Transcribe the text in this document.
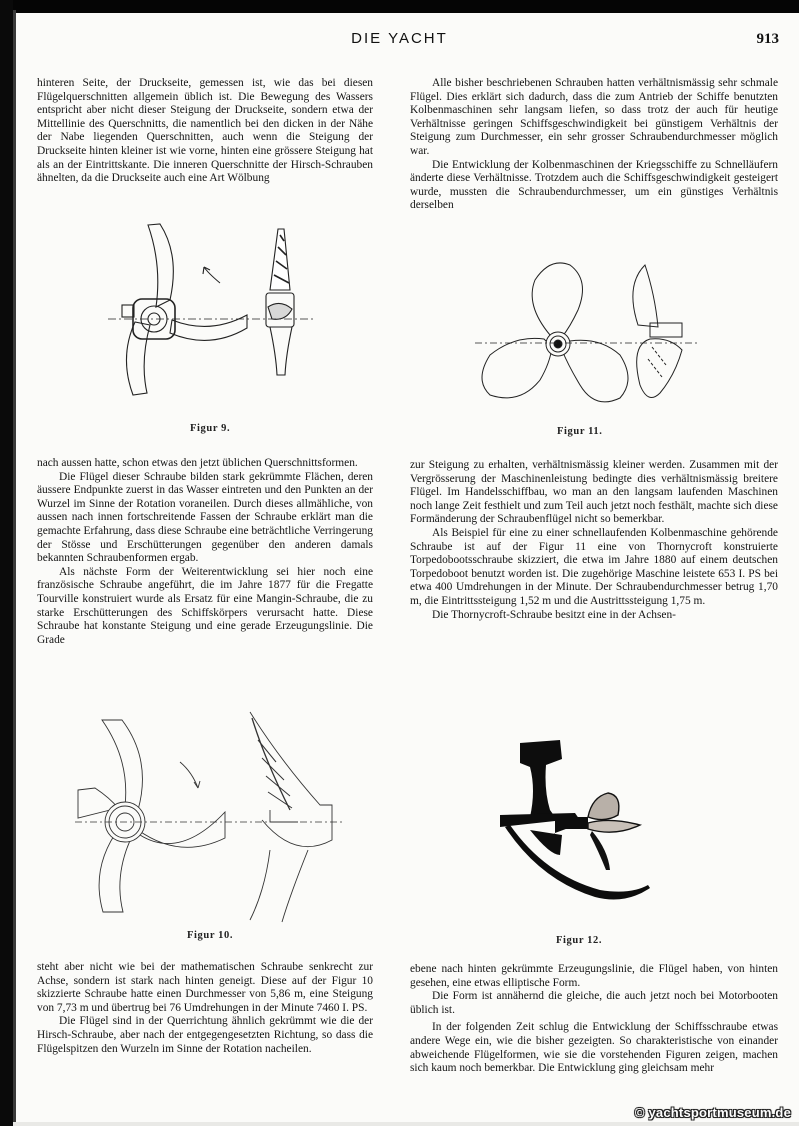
DIE YACHT	913

hinteren Seite, der Druckseite, gemessen ist, wie das bei diesen Flügelquerschnitten allgemein üblich ist. Die Bewegung des Wassers entspricht aber nicht dieser Steigung der Druckseite, sondern etwa der Mittellinie des Querschnitts, die namentlich bei den dicken in der Nähe der Nabe liegenden Querschnitten, auch wenn die Steigung der Druckseite hinten kleiner ist wie vorne, hinten eine grössere Steigung hat als an der Eintrittskante. Die inneren Querschnitte der Hirsch-Schrauben ähnelten, da die Druckseite auch eine Art Wölbung

Alle bisher beschriebenen Schrauben hatten verhältnismässig sehr schmale Flügel. Dies erklärt sich dadurch, dass die zum Antrieb der Schiffe benutzten Kolbenmaschinen sehr langsam liefen, so dass trotz der auch für heutige Verhältnisse geringen Schiffsgeschwindigkeit bei günstigem Verhältnis der Steigung zum Durchmesser, ein sehr grosser Schraubendurchmesser möglich war.

Die Entwicklung der Kolbenmaschinen der Kriegsschiffe zu Schnelläufern änderte diese Verhältnisse. Trotzdem auch die Schiffsgeschwindigkeit gesteigert wurde, mussten die Schraubendurchmesser, um ein günstiges Verhältnis derselben

Figur 9.	Figur 11.

nach aussen hatte, schon etwas den jetzt üblichen Querschnittsformen.

Die Flügel dieser Schraube bilden stark gekrümmte Flächen, deren äussere Endpunkte zuerst in das Wasser eintreten und den Punkten an der Wurzel im Sinne der Rotation voraneilen. Durch dieses allmähliche, von aussen nach innen fortschreitende Fassen der Schraube erklärt man die gemachte Erfahrung, dass diese Schraube eine beträchtliche Verringerung der Stösse und Erschütterungen gegenüber den anderen damals bekannten Schraubenformen ergab.

Als nächste Form der Weiterentwicklung sei hier noch eine französische Schraube angeführt, die im Jahre 1877 für die Fregatte Tourville konstruiert wurde als Ersatz für eine Mangin-Schraube, die zu starke Erschütterungen des Schiffskörpers verursacht hatte. Diese Schraube hat konstante Steigung und eine gerade Erzeugungslinie. Die Grade

zur Steigung zu erhalten, verhältnismässig kleiner werden. Zusammen mit der Vergrösserung der Maschinenleistung bedingte dies verhältnismässig breitere Flügel. Im Handelsschiffbau, wo man an den langsam laufenden Maschinen noch lange Zeit festhielt und zum Teil auch jetzt noch festhält, machte sich diese Formänderung der Schraubenflügel nicht so bemerkbar.

Als Beispiel für eine zu einer schnellaufenden Kolbenmaschine gehörende Schraube ist auf der Figur 11 eine von Thornycroft konstruierte Torpedobootsschraube skizziert, die etwa im Jahre 1880 auf einem deutschen Torpedoboot benutzt worden ist. Die zugehörige Maschine leistete 653 I. PS bei etwa 400 Umdrehungen in der Minute. Der Schraubendurchmesser betrug 1,70 m, die Eintrittssteigung 1,52 m und die Austrittssteigung 1,75 m.

Die Thornycroft-Schraube besitzt eine in der Achsen-

Figur 10.	Figur 12.

steht aber nicht wie bei der mathematischen Schraube senkrecht zur Achse, sondern ist stark nach hinten geneigt. Diese auf der Figur 10 skizzierte Schraube hatte einen Durchmesser von 5,86 m, eine Steigung von 7,73 m und übertrug bei 76 Umdrehungen in der Minute 7460 I. PS.

Die Flügel sind in der Querrichtung ähnlich gekrümmt wie die der Hirsch-Schraube, aber nach der entgegengesetzten Richtung, so dass die Flügelspitzen den Wurzeln im Sinne der Rotation nacheilen.

ebene nach hinten gekrümmte Erzeugungslinie, die Flügel haben, von hinten gesehen, eine etwas elliptische Form.

Die Form ist annähernd die gleiche, die auch jetzt noch bei Motorbooten üblich ist.

In der folgenden Zeit schlug die Entwicklung der Schiffsschraube etwas andere Wege ein, wie die bisher gezeigten. So charakteristische von einander abweichende Flügelformen, wie sie die vorstehenden Figuren zeigen, machen sich kaum noch bemerkbar. Die Entwicklung ging gleichsam mehr

© yachtsportmuseum.de
